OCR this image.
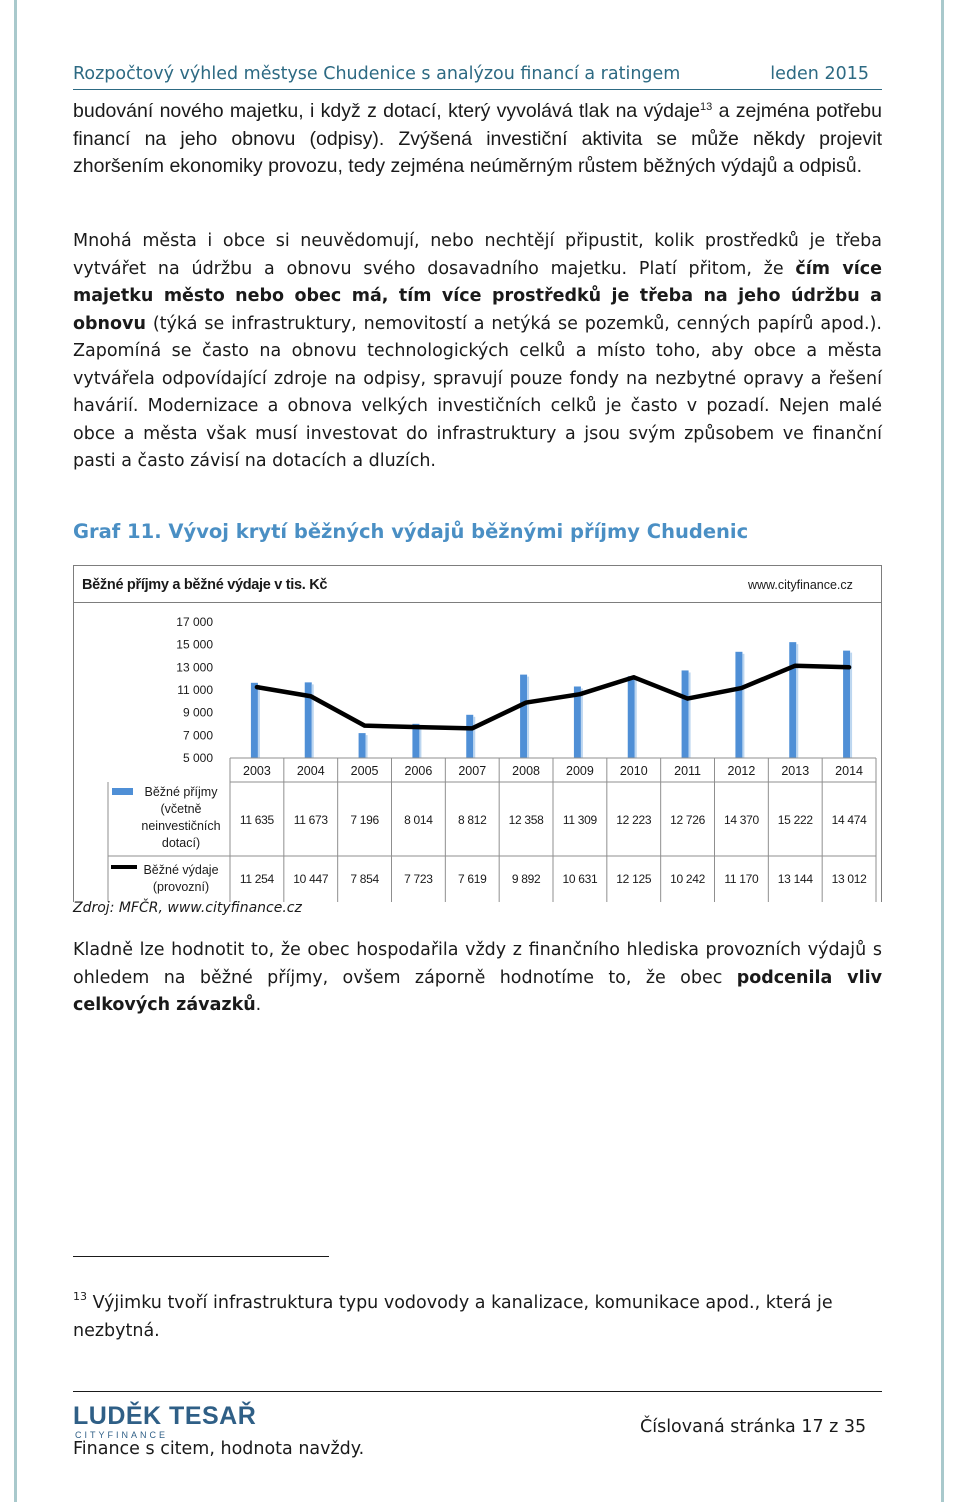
Rozpočtový výhled městyse Chudenice s analýzou financí a ratingem	leden 2015
budování nového majetku, i když z dotací, který vyvolává tlak na výdaje$^{13}$ a zejména potřebu financí na jeho obnovu (odpisy). Zvýšená investiční aktivita se může někdy projevit zhoršením ekonomiky provozu, tedy zejména neúměrným růstem běžných výdajů a odpisů.
Mnohá města i obce si neuvědomují, nebo nechtějí připustit, kolik prostředků je třeba vytvářet na údržbu a obnovu svého dosavadního majetku. Platí přitom, že čím více majetku město nebo obec má, tím více prostředků je třeba na jeho údržbu a obnovu (týká se infrastruktury, nemovitostí a netýká se pozemků, cenných papírů apod.). Zapomíná se často na obnovu technologických celků a místo toho, aby obce a města vytvářela odpovídající zdroje na odpisy, spravují pouze fondy na nezbytné opravy a řešení havárií. Modernizace a obnova velkých investičních celků je často v pozadí. Nejen malé obce a města však musí investovat do infrastruktury a jsou svým způsobem ve finanční pasti a často závisí na dotacích a dluzích.
Graf 11. Vývoj krytí běžných výdajů běžnými příjmy Chudenic
Běžné příjmy a běžné výdaje v tis. Kč	www.cityfinance.cz
17 000
15 000
13 000
11 000
9 000
7 000
5 000
2003 2004 2005 2006 2007 2008 2009 2010 2011 2012 2013 2014
11 635 11 673 7 196 8 014 8 812 12 358 11 309 12 223 12 726 14 370 15 222 14 474
11 254 10 447 7 854 7 723 7 619 9 892 10 631 12 125 10 242 11 170 13 144 13 012
Běžné příjmy
(včetně
neinvestičních
dotací)
Běžné výdaje
(provozní)
Zdroj: MFČR, www.cityfinance.cz
Kladně lze hodnotit to, že obec hospodařila vždy z finančního hlediska provozních výdajů s ohledem na běžné příjmy, ovšem záporně hodnotíme to, že obec podcenila vliv celkových závazků.
$^{13}$ Výjimku tvoří infrastruktura typu vodovody a kanalizace, komunikace apod., která je nezbytná.
LUDĚK TESAŘ
CITYFINANCE
Finance s citem, hodnota navždy.
Číslovaná stránka 17 z 35
